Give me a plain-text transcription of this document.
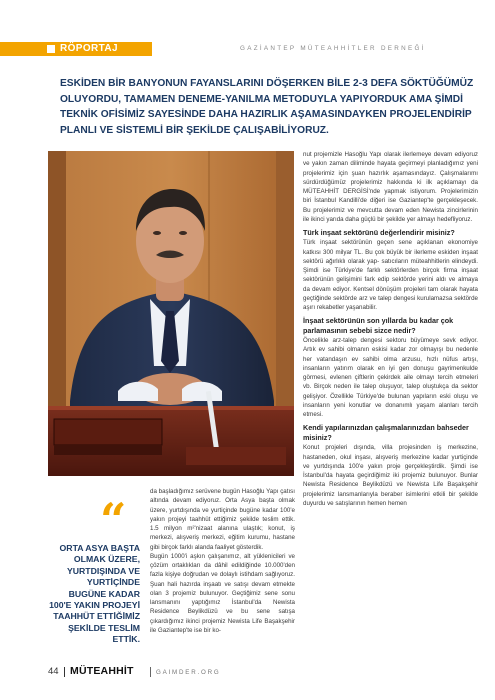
RÖPORTAJ	GAZİANTEP MÜTEAHHİTLER DERNEĞİ
ESKİDEN BİR BANYONUN FAYANSLARINI DÖŞERKEN BİLE 2-3 DEFA SÖKTÜĞÜMÜZ OLUYORDU, TAMAMEN DENEME-YANILMA METODUYLA YAPIYORDUK AMA ŞİMDİ TEKNİK OFİSİMİZ SAYESİNDE DAHA HAZIRLIK AŞAMASINDAYKEN PROJELENDİRİP PLANLI VE SİSTEMLİ BİR ŞEKİLDE ÇALIŞABİLİYORUZ.

nut projemizle Hasoğlu Yapı olarak ilerlemeye devam ediyoruz ve yakın zaman diliminde hayata geçirmeyi planladığımız yeni projelerimiz için şuan hazırlık aşamasındayız. Çalışmalarımı sürdürdüğümüz projelerimiz hakkında ki ilk açıklamayı da MÜTEAHHİT DERGİSİ'nde yapmak istiyorum. Projelerimizin biri İstanbul Kandilli'de diğeri ise Gaziantep'te gerçekleşecek. Bu projelerimiz ve mevcutta devam eden Newista zincirlerinin ile ikinci yarıda daha güçlü bir şekilde yer almayı hedefliyoruz.

Türk inşaat sektörünü değerlendirir misiniz?

Türk inşaat sektörünün geçen sene açıklanan ekonomiye katkısı 300 milyar TL. Bu çok büyük bir ilerleme eskiden inşaat sektörü ağırlıklı olarak yap- satıcıların müteahhitlerin elindeydi. Şimdi ise Türkiye'de farklı sektörlerden birçok firma inşaat sektörünün gelişimini fark edip sektörde yerini aldı ve almaya da devam ediyor. Kentsel dönüşüm projeleri tam olarak hayata geçtiğinde sektörde arz ve talep dengesi kurulamazsa sektörde aşırı rekabetler yaşanabilir.

İnşaat sektörünün son yıllarda bu kadar çok parlamasının sebebi sizce nedir?

Öncelikle arz-talep dengesi sektoru büyümeye sevk ediyor. Artık ev sahibi olmanın eskisi kadar zor olmayışı bu nedenle her vatandaşın ev sahibi olma arzusu, hızlı nüfus artışı, insanların yatırım olarak en iyi gen donuşu gayrimenkulde görmesi, evlenen çiftlerin çekirdek aile olmayı tercih etmeleri vb. Birçok neden ile talep oluşuyor, talep oluştukça da sektor gelişiyor. Özellikle Türkiye'de bulunan yapıların eski oluşu ve insanların yeni konutlar ve donanımlı yaşam alanları tercih etmesi.

Kendi yapılarınızdan çalışmalarınızdan bahseder misiniz?

Konut projeleri dışında, villa projesinden iş merkezine, hastaneden, okul inşası, alışveriş merkezine kadar yurtiçinde ve yurtdışında 100'e yakın proje gerçekleştirdik. Şimdi ise İstanbul'da hayata geçirdiğimiz iki projemiz bulunuyor. Bunlar Newista Residence Beylikdüzü ve Newista Life Başakşehir projelerimiz lansmanlarıyla beraber isimlerini etkili bir şekilde duyurdu ve satışlarının hemen hemen

“
ORTA ASYA BAŞTA OLMAK ÜZERE, YURTDIŞINDA VE YURTİÇİNDE BUGÜNE KADAR 100'E YAKIN PROJEYİ TAAHHÜT ETTİĞİMİZ ŞEKİLDE TESLİM ETTİK.

da başladığımız serüvene bugün Hasoğlu Yapı çatısı altında devam ediyoruz. Orta Asya başta olmak üzere, yurtdışında ve yurtiçinde bugüne kadar 100'e yakın projeyi taahhüt ettiğimiz şekilde teslim ettik. 1.5 milyon m²'nizaat alanına ulaştık; konut, iş merkezi, alışveriş merkezi, eğitim kurumu, hastane gibi birçok farklı alanda faaliyet gösterdik.

Bugün 1000'i aşkın çalışanımız, alt yüklenicileri ve çözüm ortaklıkları da dâhil edildiğinde 10.000'den fazla kişiye doğrudan ve dolaylı istihdam sağlıyoruz. Şuan hali hazırda inşaatı ve satışı devam etmekte olan 3 projemiz bulunuyor. Geçtiğimiz sene sonu lansmanını yaptığımız İstanbul'da Newista Residence Beylikdüzü ve bu sene satışa çıkardığımız ikinci projemiz Newista Life Başakşehir ile Gaziantep'te ise bir ko-

44 MÜTEAHHİT	GAIMDER.ORG
